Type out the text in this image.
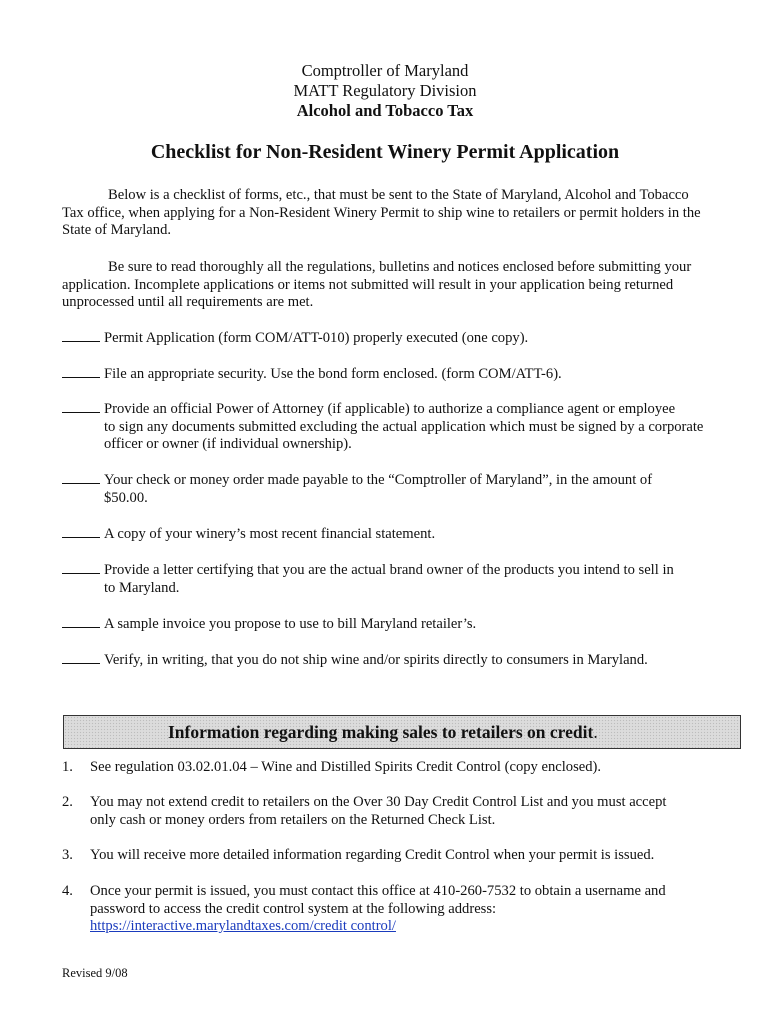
Comptroller of Maryland
MATT Regulatory Division
Alcohol and Tobacco Tax
Checklist for Non-Resident Winery Permit Application
Below is a checklist of forms, etc., that must be sent to the State of Maryland, Alcohol and Tobacco Tax office, when applying for a Non-Resident Winery Permit to ship wine to retailers or permit holders in the State of Maryland.
Be sure to read thoroughly all the regulations, bulletins and notices enclosed before submitting your application. Incomplete applications or items not submitted will result in your application being returned unprocessed until all requirements are met.
Permit Application (form COM/ATT-010) properly executed (one copy).
File an appropriate security. Use the bond form enclosed. (form COM/ATT-6).
Provide an official Power of Attorney (if applicable) to authorize a compliance agent or employee
to sign any documents submitted excluding the actual application which must be signed by a corporate officer or owner (if individual ownership).
Your check or money order made payable to the “Comptroller of Maryland”, in the amount of
$50.00.
A copy of your winery’s most recent financial statement.
Provide a letter certifying that you are the actual brand owner of the products you intend to sell in
to Maryland.
A sample invoice you propose to use to bill Maryland retailer’s.
Verify, in writing, that you do not ship wine and/or spirits directly to consumers in Maryland.
Information regarding making sales to retailers on credit.
1. See regulation 03.02.01.04 – Wine and Distilled Spirits Credit Control (copy enclosed).
2. You may not extend credit to retailers on the Over 30 Day Credit Control List and you must accept
only cash or money orders from retailers on the Returned Check List.
3. You will receive more detailed information regarding Credit Control when your permit is issued.
4. Once your permit is issued, you must contact this office at 410-260-7532 to obtain a username and
password to access the credit control system at the following address:
https://interactive.marylandtaxes.com/credit control/
Revised 9/08
